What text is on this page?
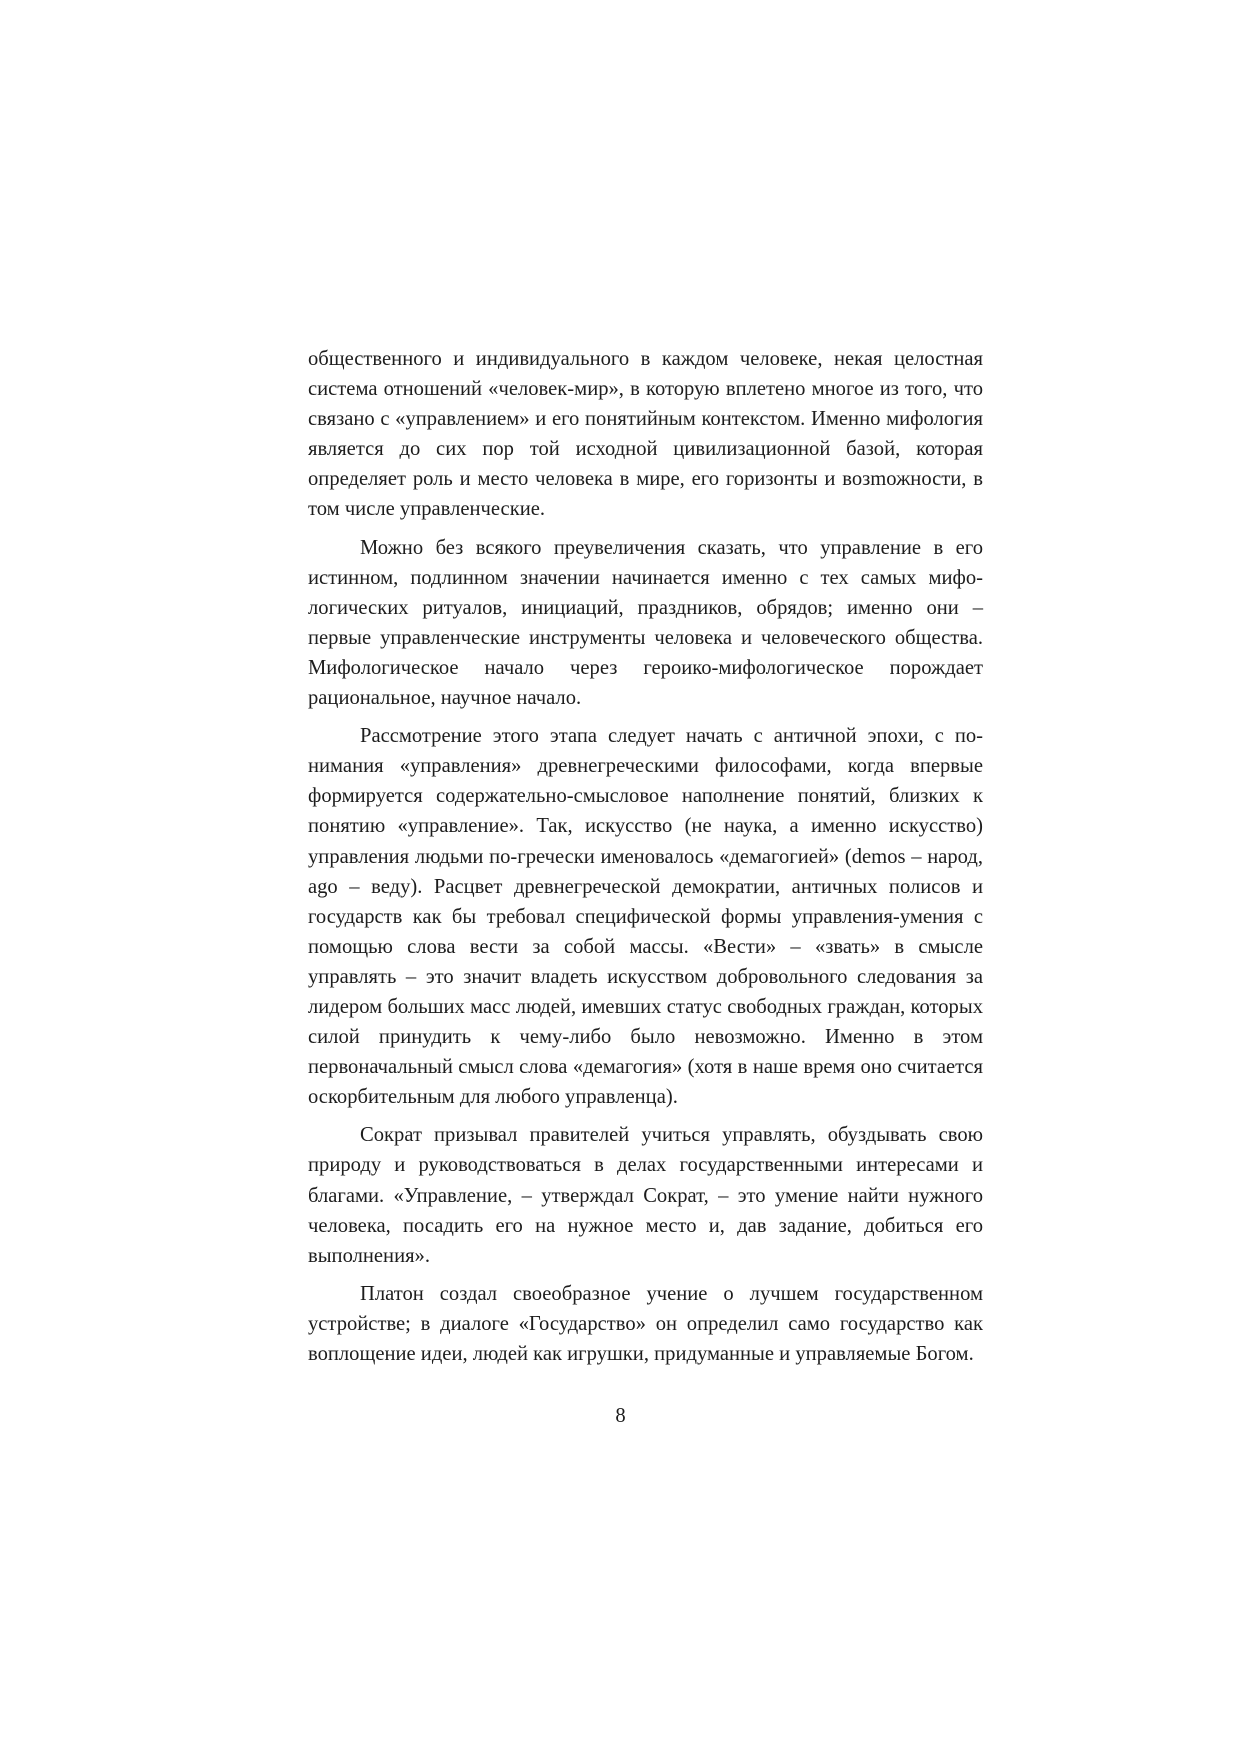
общественного и индивидуального в каждом человеке, некая целостная система отношений «человек-мир», в которую вплетено многое из того, что связано с «управлением» и его понятийным контекстом. Именно мифология является до сих пор той исходной цивилизационной базой, которая определяет роль и место человека в мире, его горизонты и возmожности, в том числе управленческие.

Можно без всякого преувеличения сказать, что управление в его истинном, подлинном значении начинается именно с тех самых мифологических ритуалов, инициаций, праздников, обрядов; именно они – первые управленческие инструменты человека и человеческого общества. Мифологическое начало через героико-мифологическое порождает рациональное, научное начало.

Рассмотрение этого этапа следует начать с античной эпохи, с понимания «управления» древнегреческими философами, когда впервые формируется содержательно-смысловое наполнение понятий, близких к понятию «управление». Так, искусство (не наука, а именно искусство) управления людьми по-гречески именовалось «демагогией» (demos – народ, ago – веду). Расцвет древнегреческой демократии, античных полисов и государств как бы требовал специфической формы управления-умения с помощью слова вести за собой массы. «Вести» – «звать» в смысле управлять – это значит владеть искусством добровольного следования за лидером больших масс людей, имевших статус свободных граждан, которых силой принудить к чему-либо было невозможно. Именно в этом первоначальный смысл слова «демагогия» (хотя в наше время оно считается оскорбительным для любого управленца).

Сократ призывал правителей учиться управлять, обуздывать свою природу и руководствоваться в делах государственными интересами и благами. «Управление, – утверждал Сократ, – это умение найти нужного человека, посадить его на нужное место и, дав задание, добиться его выполнения».

Платон создал своеобразное учение о лучшем государственном устройстве; в диалоге «Государство» он определил само государство как воплощение идеи, людей как игрушки, придуманные и управляемые Богом.

8
